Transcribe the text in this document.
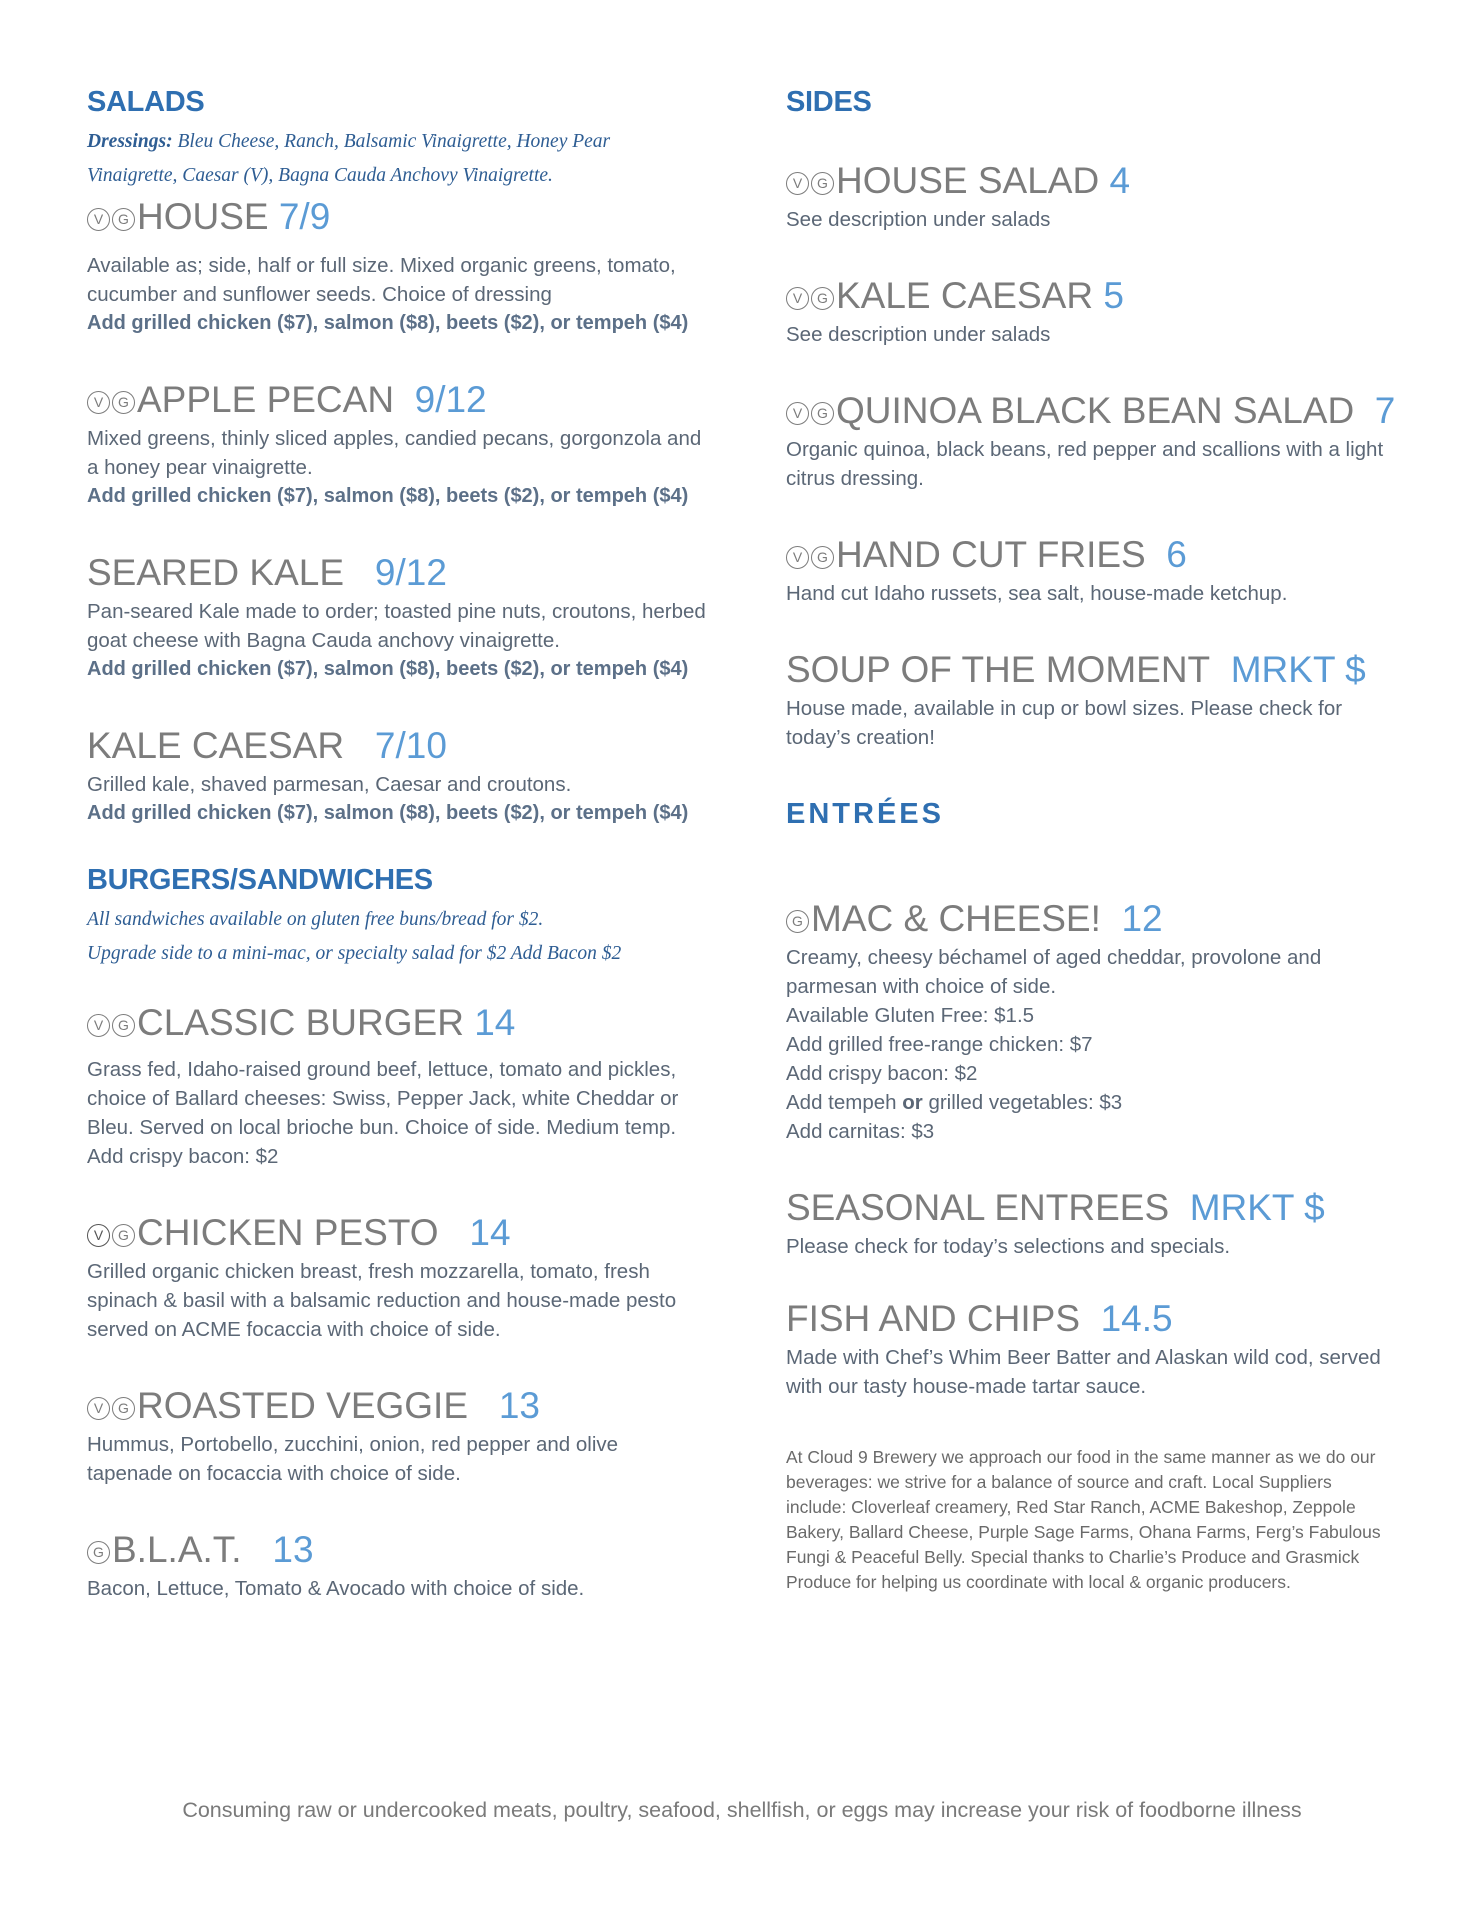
SALADS

Dressings: Bleu Cheese, Ranch, Balsamic Vinaigrette, Honey Pear Vinaigrette, Caesar (V), Bagna Cauda Anchovy Vinaigrette.

V G HOUSE 7/9

Available as; side, half or full size. Mixed organic greens, tomato, cucumber and sunflower seeds. Choice of dressing

Add grilled chicken ($7), salmon ($8), beets ($2), or tempeh ($4)

V G APPLE PECAN 9/12

Mixed greens, thinly sliced apples, candied pecans, gorgonzola and a honey pear vinaigrette.

Add grilled chicken ($7), salmon ($8), beets ($2), or tempeh ($4)

SEARED KALE 9/12

Pan-seared Kale made to order; toasted pine nuts, croutons, herbed goat cheese with Bagna Cauda anchovy vinaigrette.

Add grilled chicken ($7), salmon ($8), beets ($2), or tempeh ($4)

KALE CAESAR 7/10

Grilled kale, shaved parmesan, Caesar and croutons.

Add grilled chicken ($7), salmon ($8), beets ($2), or tempeh ($4)

BURGERS/SANDWICHES

All sandwiches available on gluten free buns/bread for $2.

Upgrade side to a mini-mac, or specialty salad for $2 Add Bacon $2

V G CLASSIC BURGER 14

Grass fed, Idaho-raised ground beef, lettuce, tomato and pickles, choice of Ballard cheeses: Swiss, Pepper Jack, white Cheddar or Bleu. Served on local brioche bun. Choice of side. Medium temp.

Add crispy bacon: $2

V G CHICKEN PESTO 14

Grilled organic chicken breast, fresh mozzarella, tomato, fresh spinach & basil with a balsamic reduction and house-made pesto served on ACME focaccia with choice of side.

V G ROASTED VEGGIE 13

Hummus, Portobello, zucchini, onion, red pepper and olive tapenade on focaccia with choice of side.

G B.L.A.T. 13

Bacon, Lettuce, Tomato & Avocado with choice of side.

SIDES

V G HOUSE SALAD 4

See description under salads

V G KALE CAESAR 5

See description under salads

V G QUINOA BLACK BEAN SALAD 7

Organic quinoa, black beans, red pepper and scallions with a light citrus dressing.

V G HAND CUT FRIES 6

Hand cut Idaho russets, sea salt, house-made ketchup.

SOUP OF THE MOMENT MRKT $

House made, available in cup or bowl sizes. Please check for today’s creation!

ENTRÉES

G MAC & CHEESE! 12

Creamy, cheesy béchamel of aged cheddar, provolone and parmesan with choice of side.

Available Gluten Free: $1.5

Add grilled free-range chicken: $7

Add crispy bacon: $2

Add tempeh or grilled vegetables: $3

Add carnitas: $3

SEASONAL ENTREES MRKT $

Please check for today’s selections and specials.

FISH AND CHIPS 14.5

Made with Chef’s Whim Beer Batter and Alaskan wild cod, served with our tasty house-made tartar sauce.

At Cloud 9 Brewery we approach our food in the same manner as we do our beverages: we strive for a balance of source and craft. Local Suppliers include: Cloverleaf creamery, Red Star Ranch, ACME Bakeshop, Zeppole Bakery, Ballard Cheese, Purple Sage Farms, Ohana Farms, Ferg’s Fabulous Fungi & Peaceful Belly. Special thanks to Charlie’s Produce and Grasmick Produce for helping us coordinate with local & organic producers.

Consuming raw or undercooked meats, poultry, seafood, shellfish, or eggs may increase your risk of foodborne illness
